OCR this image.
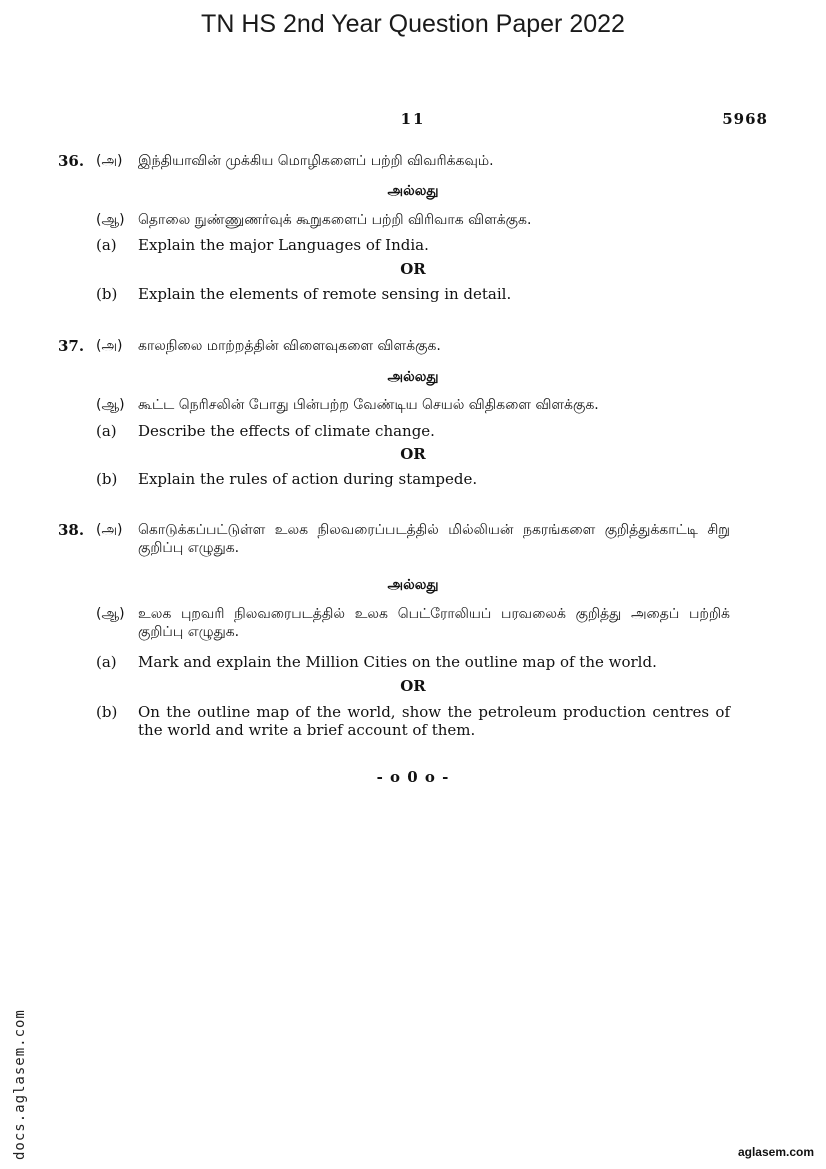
TN HS 2nd Year Question Paper 2022
11	5968
36. (அ) இந்தியாவின் முக்கிய மொழிகளைப் பற்றி விவரிக்கவும்.
அல்லது
(ஆ) தொலை நுண்ணுணர்வுக் கூறுகளைப் பற்றி விரிவாக விளக்குக.
(a) Explain the major Languages of India.
OR
(b) Explain the elements of remote sensing in detail.
37. (அ) காலநிலை மாற்றத்தின் விளைவுகளை விளக்குக.
அல்லது
(ஆ) கூட்ட நெரிசலின் போது பின்பற்ற வேண்டிய செயல் விதிகளை விளக்குக.
(a) Describe the effects of climate change.
OR
(b) Explain the rules of action during stampede.
38. (அ) கொடுக்கப்பட்டுள்ள உலக நிலவரைப்படத்தில் மில்லியன் நகரங்களை குறித்துக்காட்டி சிறு குறிப்பு எழுதுக.
அல்லது
(ஆ) உலக புறவரி நிலவரைபடத்தில் உலக பெட்ரோலியப் பரவலைக் குறித்து அதைப் பற்றிக் குறிப்பு எழுதுக.
(a) Mark and explain the Million Cities on the outline map of the world.
OR
(b) On the outline map of the world, show the petroleum production centres of the world and write a brief account of them.
- o 0 o -
docs.aglasem.com	aglasem.com
